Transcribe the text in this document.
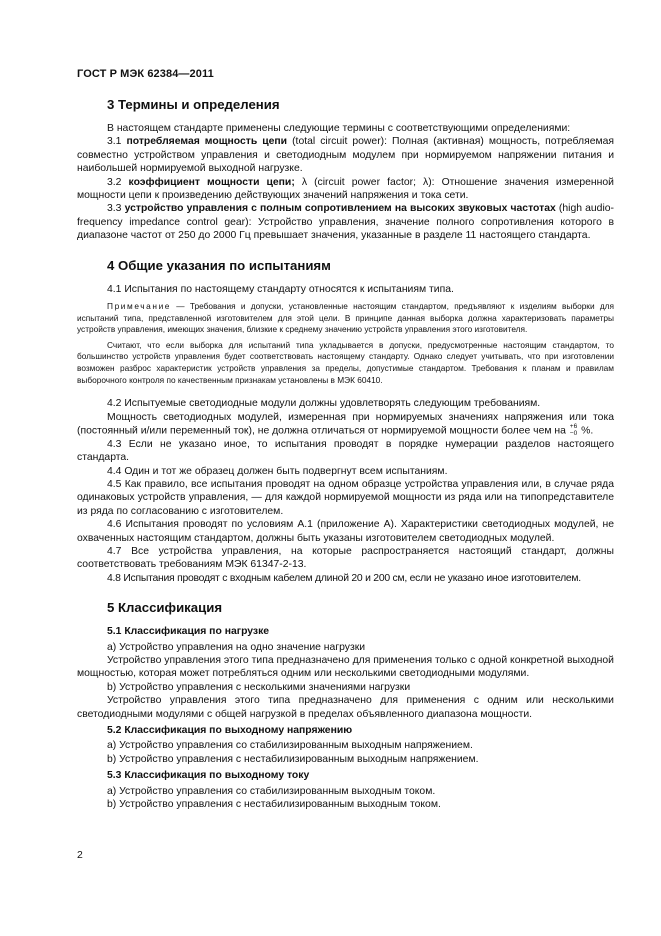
ГОСТ Р МЭК 62384—2011
3 Термины и определения

В настоящем стандарте применены следующие термины с соответствующими определениями:

3.1 потребляемая мощность цепи (total circuit power): Полная (активная) мощность, потребляемая совместно устройством управления и светодиодным модулем при нормируемом напряжении питания и наибольшей нормируемой выходной нагрузке.

3.2 коэффициент мощности цепи; λ (circuit power factor; λ): Отношение значения измеренной мощности цепи к произведению действующих значений напряжения и тока сети.

3.3 устройство управления с полным сопротивлением на высоких звуковых частотах (high audio-frequency impedance control gear): Устройство управления, значение полного сопротивления которого в диапазоне частот от 250 до 2000 Гц превышает значения, указанные в разделе 11 настоящего стандарта.

4 Общие указания по испытаниям

4.1 Испытания по настоящему стандарту относятся к испытаниям типа.

Примечание — Требования и допуски, установленные настоящим стандартом, предъявляют к изделиям выборки для испытаний типа, представленной изготовителем для этой цели. В принципе данная выборка должна характеризовать параметры устройств управления, имеющих значения, близкие к среднему значению устройств управления этого изготовителя.

Считают, что если выборка для испытаний типа укладывается в допуски, предусмотренные настоящим стандартом, то большинство устройств управления будет соответствовать настоящему стандарту. Однако следует учитывать, что при изготовлении возможен разброс характеристик устройств управления за пределы, допустимые стандартом. Требования к планам и правилам выборочного контроля по качественным признакам установлены в МЭК 60410.

4.2 Испытуемые светодиодные модули должны удовлетворять следующим требованиям.

Мощность светодиодных модулей, измеренная при нормируемых значениях напряжения или тока (постоянный и/или переменный ток), не должна отличаться от нормируемой мощности более чем на +6
−0 %.

4.3 Если не указано иное, то испытания проводят в порядке нумерации разделов настоящего стандарта.

4.4 Один и тот же образец должен быть подвергнут всем испытаниям.

4.5 Как правило, все испытания проводят на одном образце устройства управления или, в случае ряда одинаковых устройств управления, — для каждой нормируемой мощности из ряда или на типопредставителе из ряда по согласованию с изготовителем.

4.6 Испытания проводят по условиям А.1 (приложение А). Характеристики светодиодных модулей, не охваченных настоящим стандартом, должны быть указаны изготовителем светодиодных модулей.

4.7 Все устройства управления, на которые распространяется настоящий стандарт, должны соответствовать требованиям МЭК 61347-2-13.

4.8 Испытания проводят с входным кабелем длиной 20 и 200 см, если не указано иное изготовителем.

5 Классификация
5.1 Классификация по нагрузке

a) Устройство управления на одно значение нагрузки

Устройство управления этого типа предназначено для применения только с одной конкретной выходной мощностью, которая может потребляться одним или несколькими светодиодными модулями.

b) Устройство управления с несколькими значениями нагрузки

Устройство управления этого типа предназначено для применения с одним или несколькими светодиодными модулями с общей нагрузкой в пределах объявленного диапазона мощности.

5.2 Классификация по выходному напряжению

a) Устройство управления со стабилизированным выходным напряжением.

b) Устройство управления с нестабилизированным выходным напряжением.

5.3 Классификация по выходному току

a) Устройство управления со стабилизированным выходным током.

b) Устройство управления с нестабилизированным выходным током.

2
